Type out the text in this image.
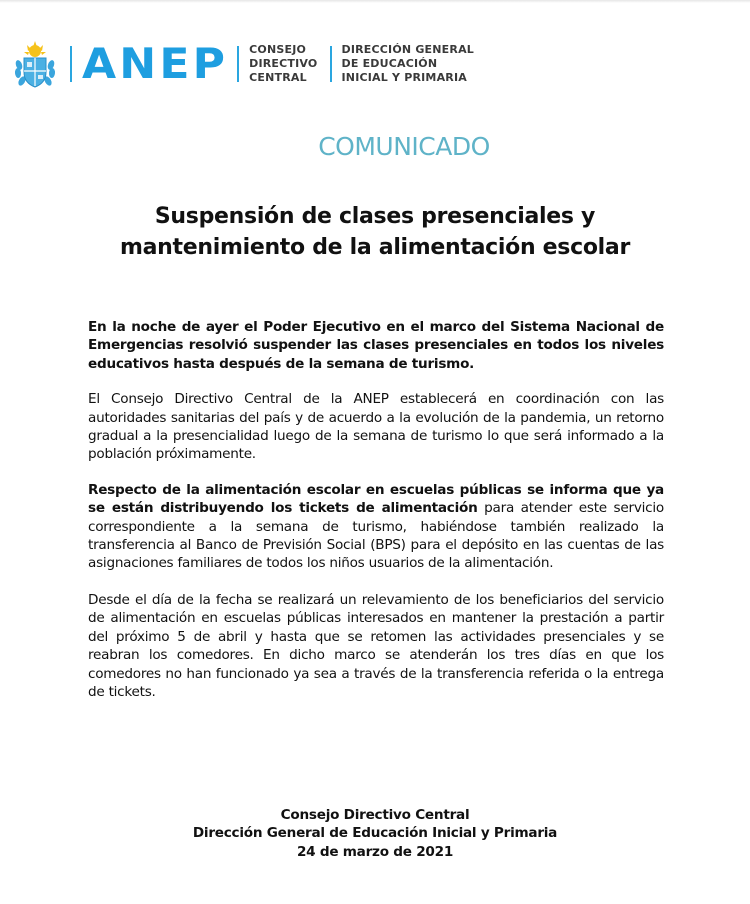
ANEP CONSEJO
DIRECTIVO
CENTRAL
DIRECCIÓN GENERAL
DE EDUCACIÓN
INICIAL Y PRIMARIA
COMUNICADO
Suspensión de clases presenciales y
mantenimiento de la alimentación escolar

En la noche de ayer el Poder Ejecutivo en el marco del Sistema Nacional de Emergencias resolvió suspender las clases presenciales en todos los niveles educativos hasta después de la semana de turismo.

El Consejo Directivo Central de la ANEP establecerá en coordinación con las autoridades sanitarias del país y de acuerdo a la evolución de la pandemia, un retorno gradual a la presencialidad luego de la semana de turismo lo que será informado a la población próximamente.

Respecto de la alimentación escolar en escuelas públicas se informa que ya se están distribuyendo los tickets de alimentación para atender este servicio correspondiente a la semana de turismo, habiéndose también realizado la transferencia al Banco de Previsión Social (BPS) para el depósito en las cuentas de las asignaciones familiares de todos los niños usuarios de la alimentación.

Desde el día de la fecha se realizará un relevamiento de los beneficiarios del servicio de alimentación en escuelas públicas interesados en mantener la prestación a partir del próximo 5 de abril y hasta que se retomen las actividades presenciales y se reabran los comedores. En dicho marco se atenderán los tres días en que los comedores no han funcionado ya sea a través de la transferencia referida o la entrega de tickets.

Consejo Directivo Central
Dirección General de Educación Inicial y Primaria
24 de marzo de 2021
